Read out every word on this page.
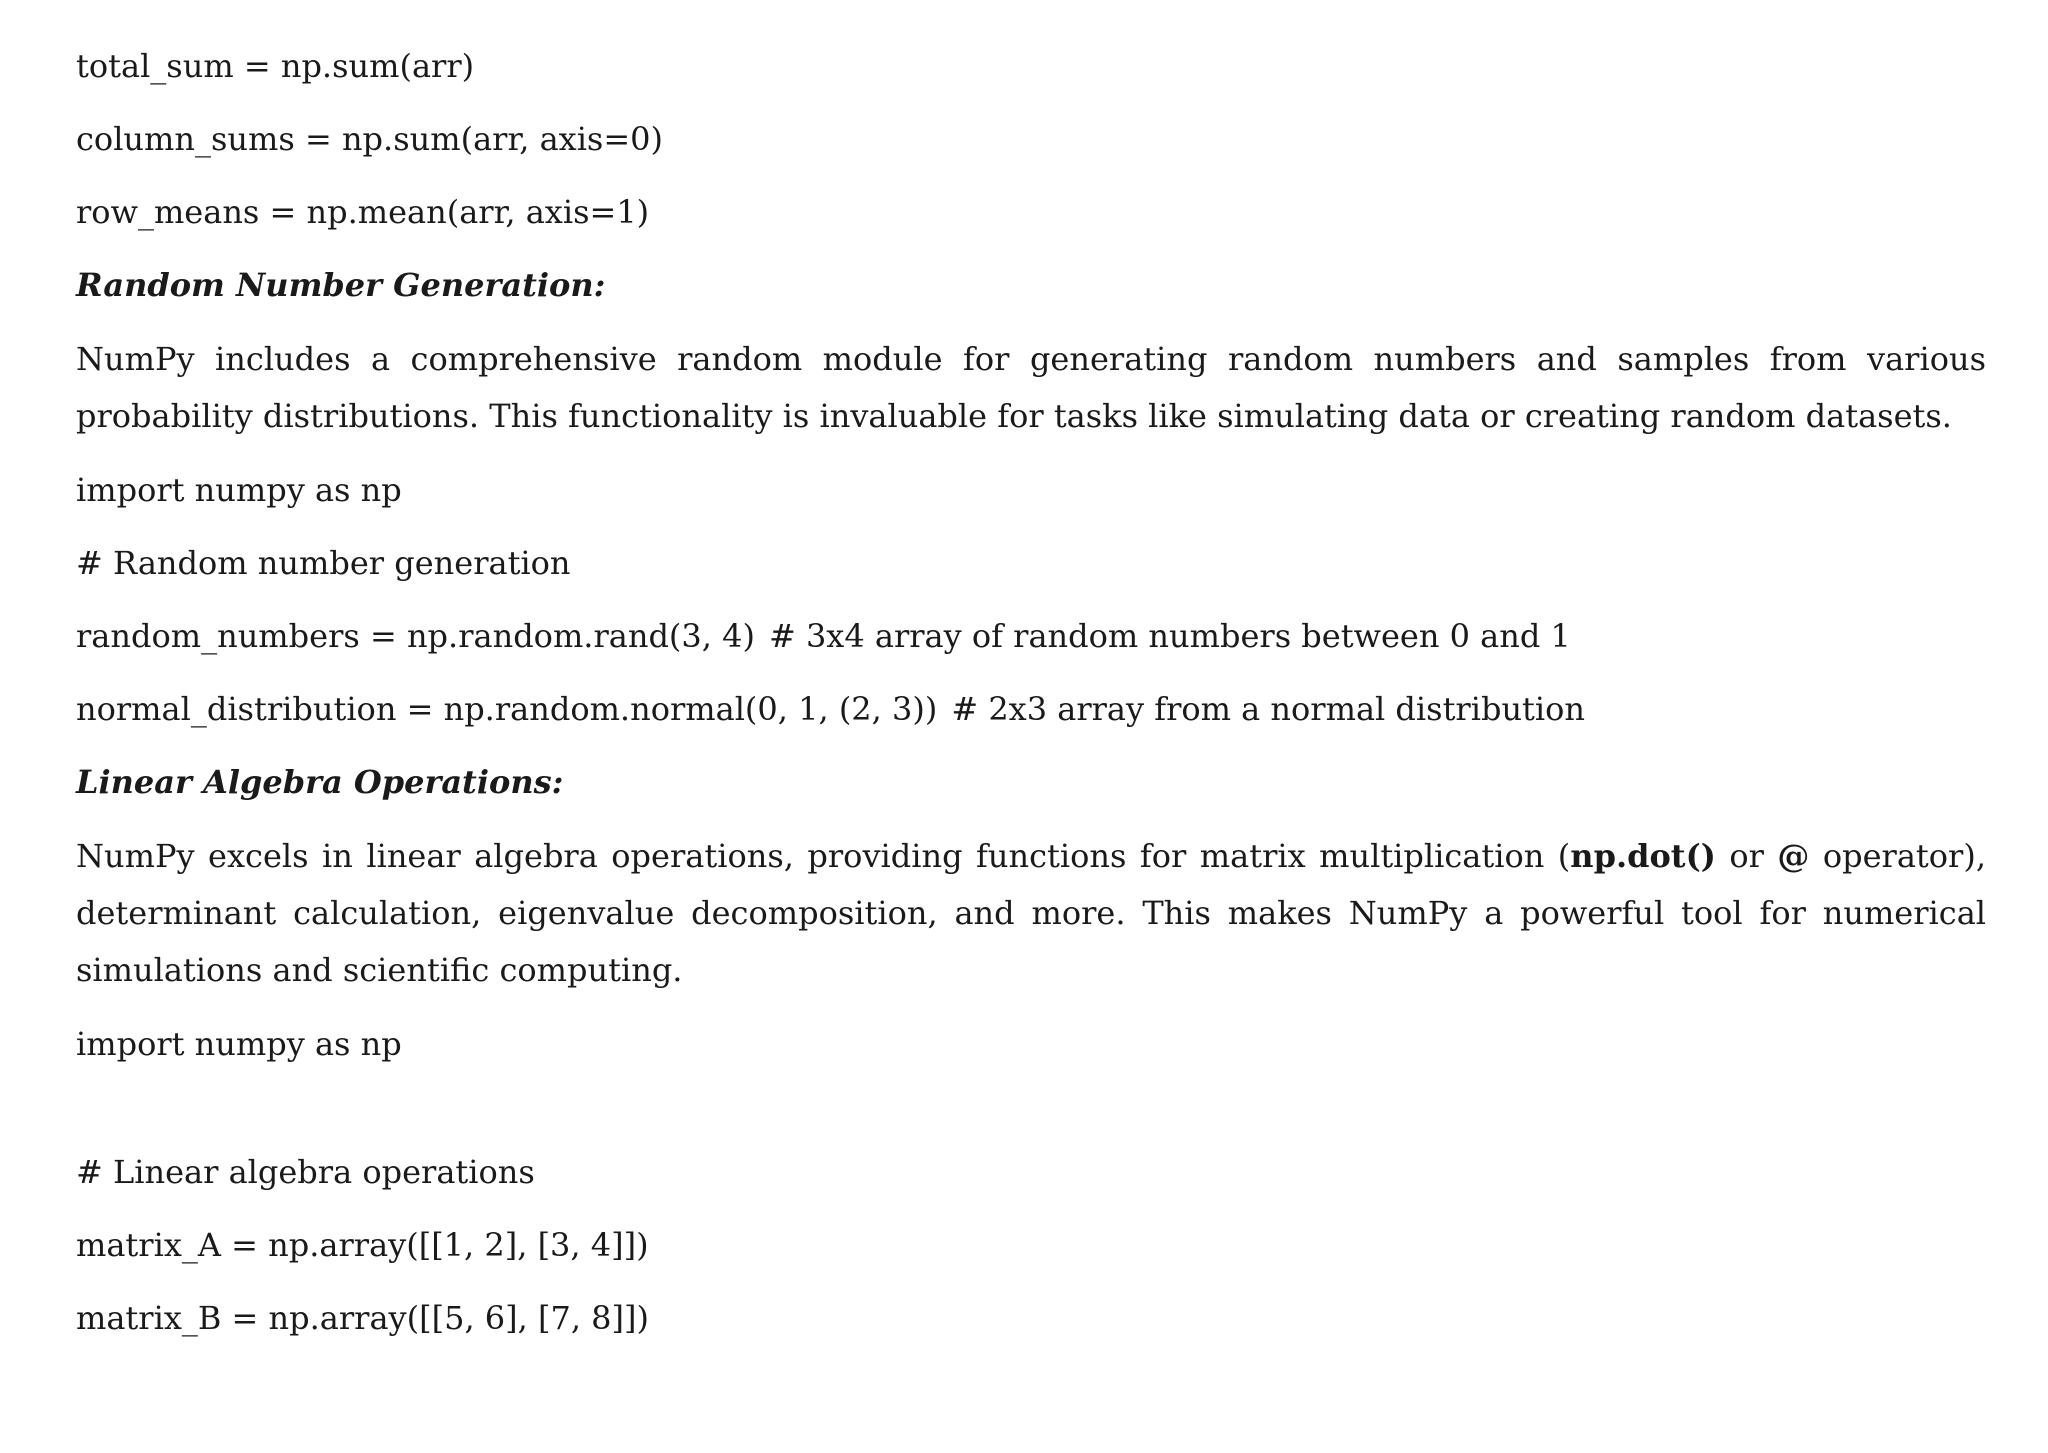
total_sum = np.sum(arr)
column_sums = np.sum(arr, axis=0)
row_means = np.mean(arr, axis=1)
Random Number Generation:
NumPy includes a comprehensive random module for generating random numbers and samples from various probability distributions. This functionality is invaluable for tasks like simulating data or creating random datasets.
import numpy as np
# Random number generation
random_numbers = np.random.rand(3, 4) # 3x4 array of random numbers between 0 and 1
normal_distribution = np.random.normal(0, 1, (2, 3)) # 2x3 array from a normal distribution
Linear Algebra Operations:
NumPy excels in linear algebra operations, providing functions for matrix multiplication (np.dot() or @ operator), determinant calculation, eigenvalue decomposition, and more. This makes NumPy a powerful tool for numerical simulations and scientific computing.
import numpy as np
# Linear algebra operations
matrix_A = np.array([[1, 2], [3, 4]])
matrix_B = np.array([[5, 6], [7, 8]])
